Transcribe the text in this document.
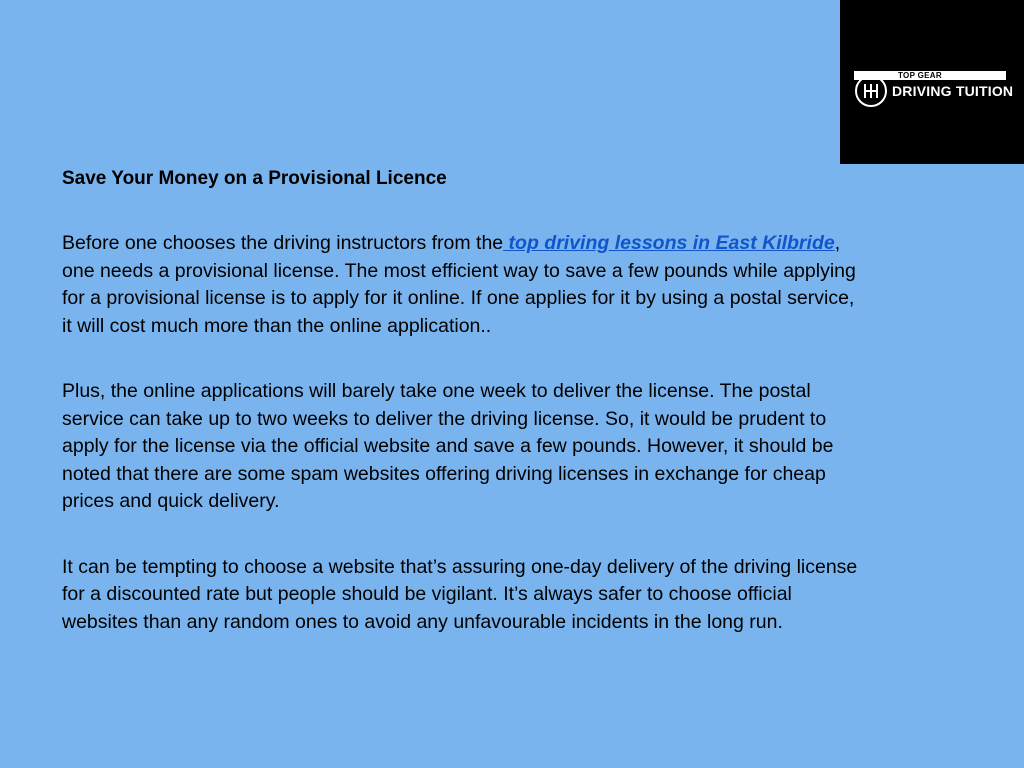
TOP GEAR
DRIVING TUITION
Save Your Money on a Provisional Licence

Before one chooses the driving instructors from the top driving lessons in East Kilbride,
one needs a provisional license. The most efficient way to save a few pounds while applying
for a provisional license is to apply for it online. If one applies for it by using a postal service,
it will cost much more than the online application..

Plus, the online applications will barely take one week to deliver the license. The postal
service can take up to two weeks to deliver the driving license. So, it would be prudent to
apply for the license via the official website and save a few pounds. However, it should be
noted that there are some spam websites offering driving licenses in exchange for cheap
prices and quick delivery.

It can be tempting to choose a website that’s assuring one-day delivery of the driving license
for a discounted rate but people should be vigilant. It’s always safer to choose official
websites than any random ones to avoid any unfavourable incidents in the long run.
